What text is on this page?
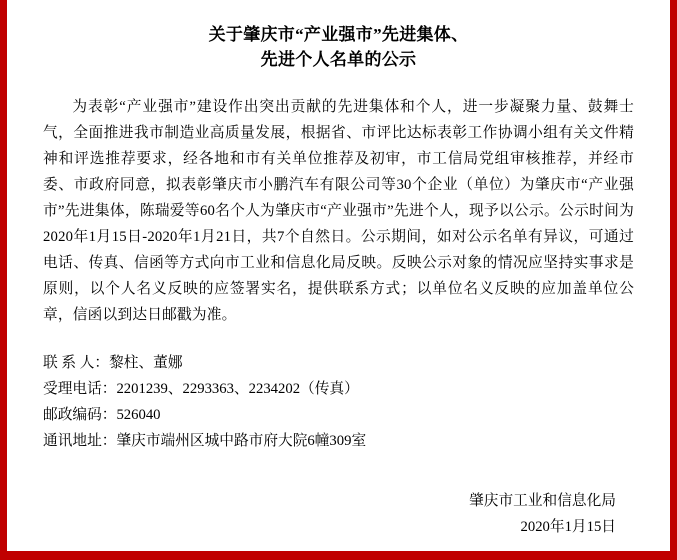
关于肇庆市“产业强市”先进集体、
先进个人名单的公示

为表彰“产业强市”建设作出突出贡献的先进集体和个人，进一步凝聚力量、鼓舞士气，全面推进我市制造业高质量发展，根据省、市评比达标表彰工作协调小组有关文件精神和评选推荐要求，经各地和市有关单位推荐及初审，市工信局党组审核推荐，并经市委、市政府同意，拟表彰肇庆市小鹏汽车有限公司等30个企业（单位）为肇庆市“产业强市”先进集体，陈瑞爱等60名个人为肇庆市“产业强市”先进个人，现予以公示。公示时间为2020年1月15日-2020年1月21日，共7个自然日。公示期间，如对公示名单有异议，可通过电话、传真、信函等方式向市工业和信息化局反映。反映公示对象的情况应坚持实事求是原则，以个人名义反映的应签署实名，提供联系方式；以单位名义反映的应加盖单位公章，信函以到达日邮戳为准。

联 系 人：黎柱、董娜
受理电话：2201239、2293363、2234202（传真）
邮政编码：526040
通讯地址：肇庆市端州区城中路市府大院6幢309室
肇庆市工业和信息化局
2020年1月15日
